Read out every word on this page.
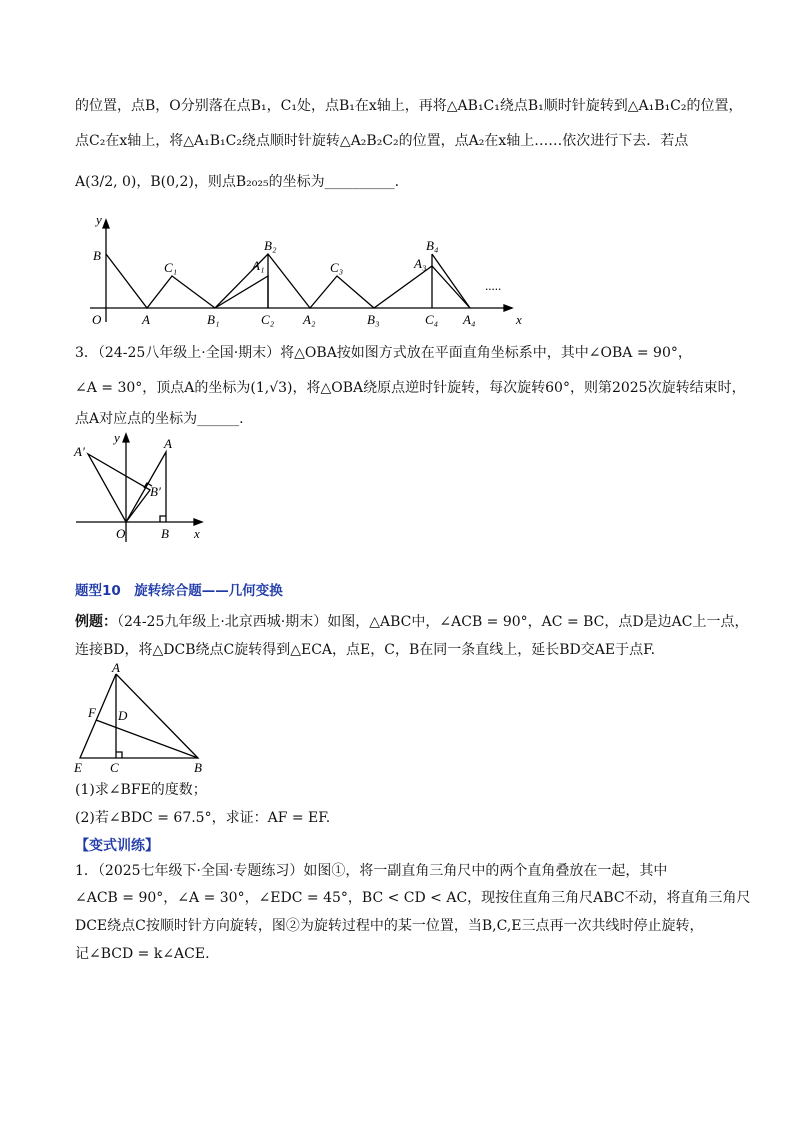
的位置，点B，O分别落在点B₁，C₁处，点B₁在x轴上，再将△AB₁C₁绕点B₁顺时针旋转到△A₁B₁C₂的位置，
点C₂在x轴上，将△A₁B₁C₂绕点顺时针旋转△A₂B₂C₂的位置，点A₂在x轴上……依次进行下去．若点
A(3/2, 0)，B(0,2)，则点B₂₀₂₅的坐标为__________.
y
x
O
B
C₁
B₂
A₁	C₃
B₄
A₃
A	B₁	C₂ A₂	B₃	C₄ A₄
.....
3．（24-25八年级上·全国·期末）将△OBA按如图方式放在平面直角坐标系中，其中∠OBA = 90°，
∠A = 30°，顶点A的坐标为(1,√3)，将△OBA绕原点逆时针旋转，每次旋转60°，则第2025次旋转结束时，
点A对应点的坐标为______.
A′
y	A
B′
O	B x
题型10　旋转综合题——几何变换
例题：（24-25九年级上·北京西城·期末）如图，△ABC中，∠ACB = 90°，AC = BC，点D是边AC上一点，
连接BD，将△DCB绕点C旋转得到△ECA，点E，C，B在同一条直线上，延长BD交AE于点F.
A
F D
E C	B
(1)求∠BFE的度数；
(2)若∠BDC = 67.5°，求证：AF = EF.
【变式训练】
1．（2025七年级下·全国·专题练习）如图①，将一副直角三角尺中的两个直角叠放在一起，其中
∠ACB = 90°，∠A = 30°，∠EDC = 45°，BC < CD < AC，现按住直角三角尺ABC不动，将直角三角尺
DCE绕点C按顺时针方向旋转，图②为旋转过程中的某一位置，当B,C,E三点再一次共线时停止旋转，
记∠BCD = k∠ACE.
